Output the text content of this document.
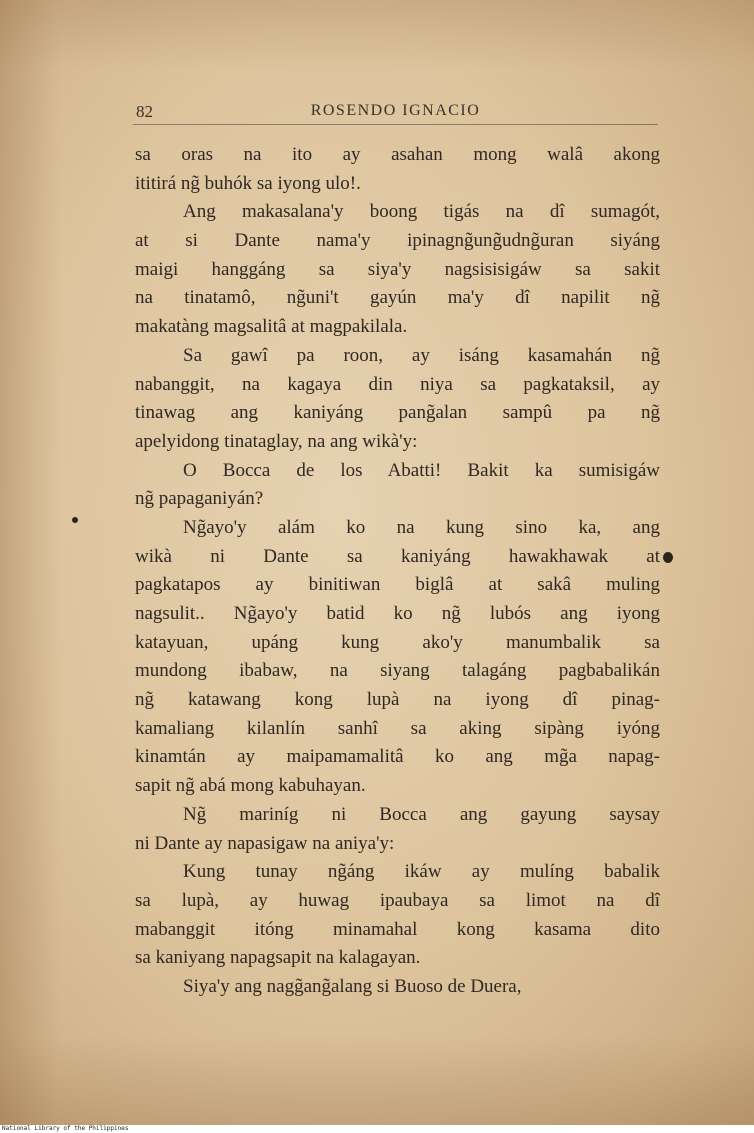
82	ROSENDO IGNACIO
sa oras na ito ay asahan mong walâ akong
ititirá ng̃ buhók sa iyong ulo!.
Ang makasalana'y boong tigás na dî sumagót,
at si Dante nama'y ipinagng̃ung̃udng̃uran siyáng
maigi hanggáng sa siya'y nagsisisigáw sa sakit
na tinatamô, ng̃uni't gayún ma'y dî napilit ng̃
makatàng magsalitâ at magpakilala.
Sa gawî pa roon, ay isáng kasamahán ng̃
nabanggit, na kagaya din niya sa pagkataksil, ay
tinawag ang kaniyáng pang̃alan sampû pa ng̃
apelyidong tinataglay, na ang wikà'y:
O Bocca de los Abatti! Bakit ka sumisigáw
ng̃ papaganiyán?
Ng̃ayo'y alám ko na kung sino ka, ang
wikà ni Dante sa kaniyáng hawakhawak at
pagkatapos ay binitiwan biglâ at sakâ muling
nagsulit.. Ng̃ayo'y batid ko ng̃ lubós ang iyong
katayuan, upáng kung ako'y manumbalik sa
mundong ibabaw, na siyang talagáng pagbabalikán
ng̃ katawang kong lupà na iyong dî pinag-
kamaliang kilanlín sanhî sa aking sipàng iyóng
kinamtán ay maipamamalitâ ko ang mg̃a napag-
sapit ng̃ abá mong kabuhayan.
Ng̃ mariníg ni Bocca ang gayung saysay
ni Dante ay napasigaw na aniya'y:
Kung tunay ng̃áng ikáw ay mulíng babalik
sa lupà, ay huwag ipaubaya sa limot na dî
mabanggit itóng minamahal kong kasama dito
sa kaniyang napagsapit na kalagayan.
Siya'y ang nagg̃ang̃alang si Buoso de Duera,
National Library of the Philippines
